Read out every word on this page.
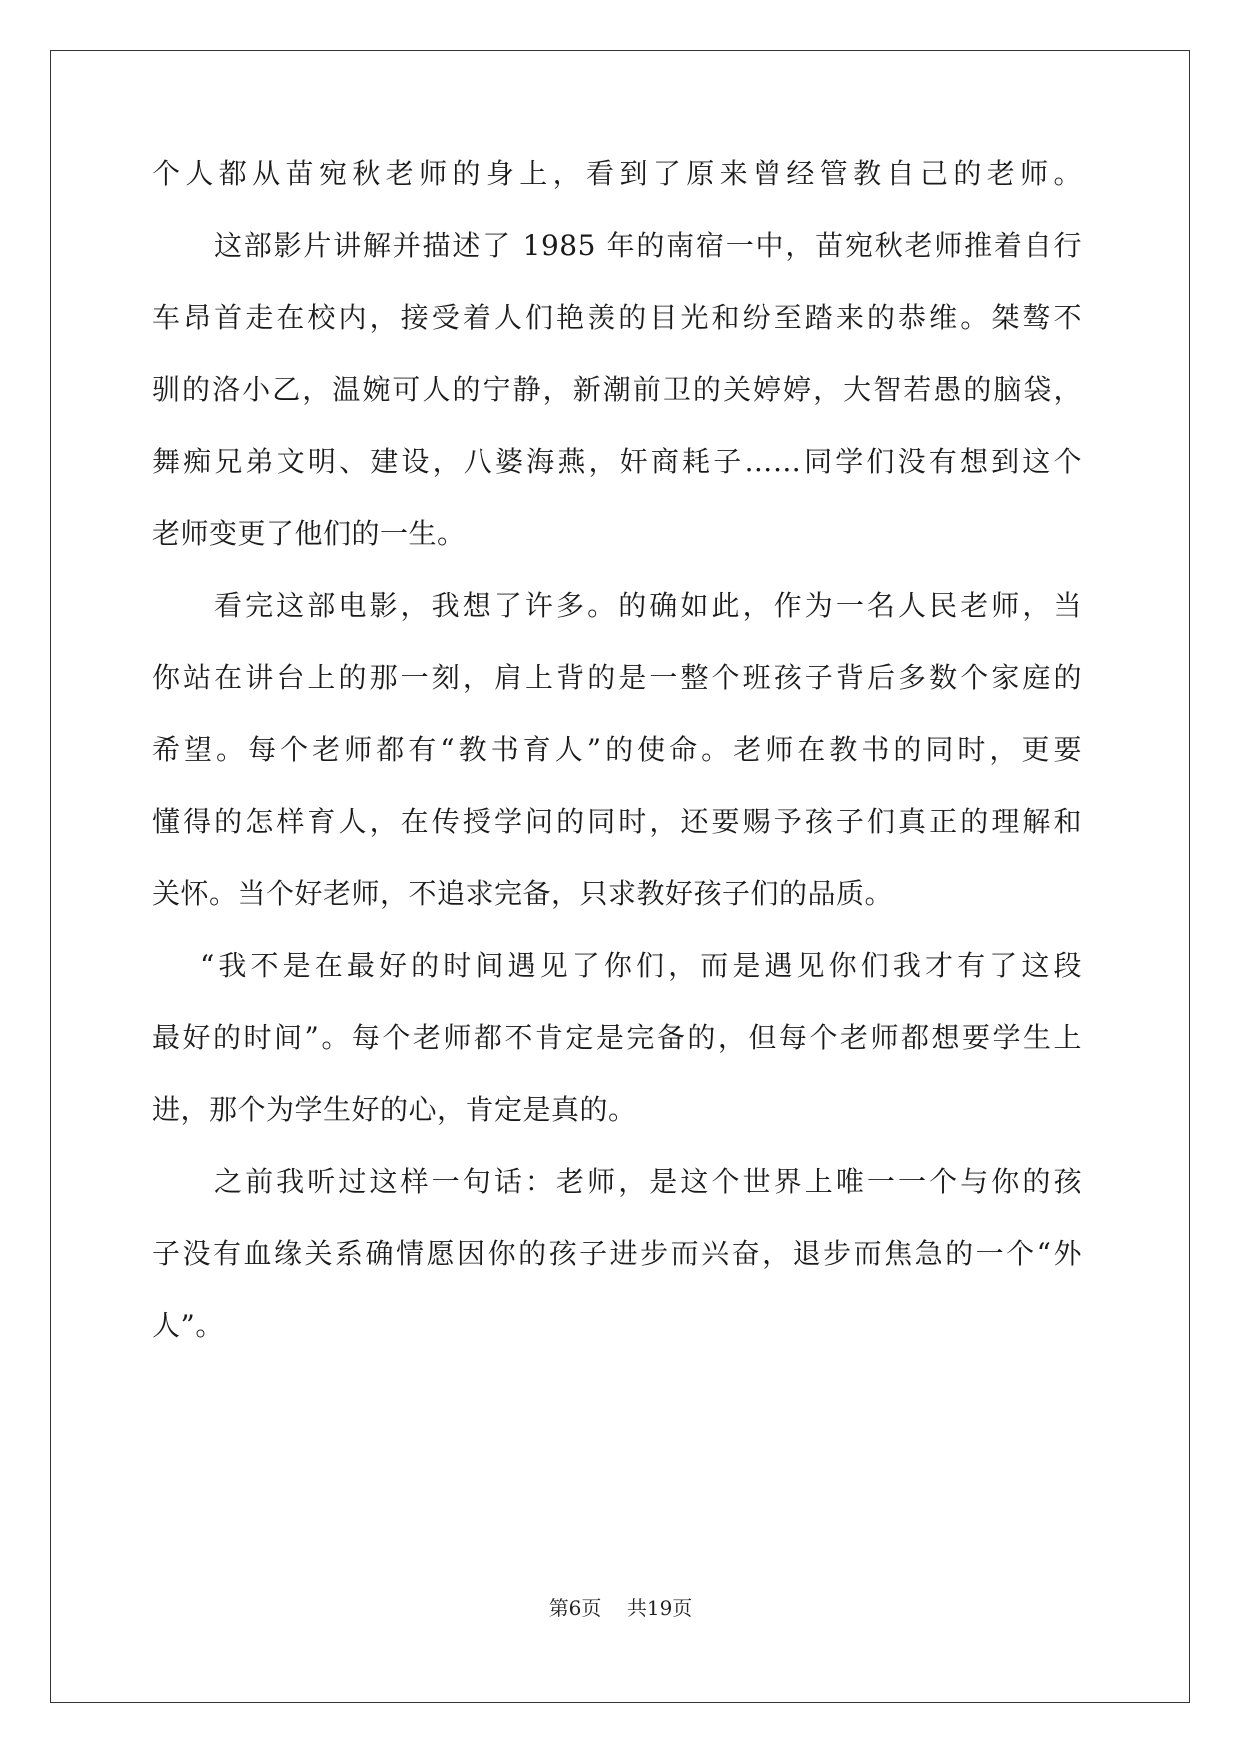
个人都从苗宛秋老师的身上，看到了原来曾经管教自己的老师。
这部影片讲解并描述了 1985 年的南宿一中，苗宛秋老师推着自行
车昂首走在校内，接受着人们艳羡的目光和纷至踏来的恭维。桀骜不
驯的洛小乙，温婉可人的宁静，新潮前卫的关婷婷，大智若愚的脑袋，
舞痴兄弟文明、建设，八婆海燕，奸商耗子……同学们没有想到这个
老师变更了他们的一生。
看完这部电影，我想了许多。的确如此，作为一名人民老师，当
你站在讲台上的那一刻，肩上背的是一整个班孩子背后多数个家庭的
希望。每个老师都有“教书育人”的使命。老师在教书的同时，更要
懂得的怎样育人，在传授学问的同时，还要赐予孩子们真正的理解和
关怀。当个好老师，不追求完备，只求教好孩子们的品质。
“我不是在最好的时间遇见了你们，而是遇见你们我才有了这段
最好的时间”。每个老师都不肯定是完备的，但每个老师都想要学生上
进，那个为学生好的心，肯定是真的。
之前我听过这样一句话：老师，是这个世界上唯一一个与你的孩
子没有血缘关系确情愿因你的孩子进步而兴奋，退步而焦急的一个“外
人”。
第6页 共19页
